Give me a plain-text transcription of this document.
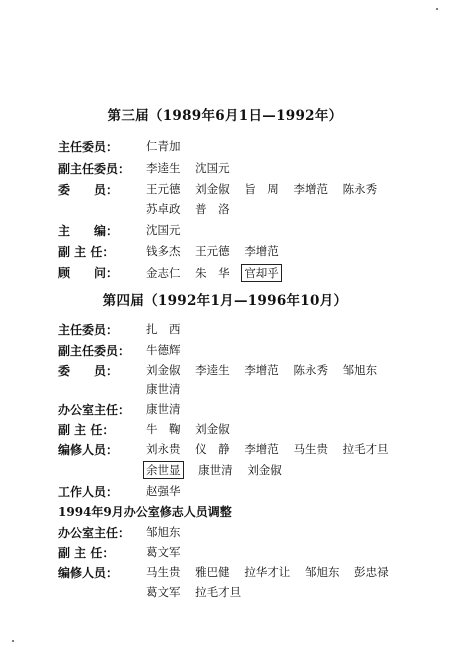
第三届（1989年6月1日—1992年）
主任委员：	仁青加
副主任委员：	李逵生 沈国元
委　　员：	王元德 刘金俶 旨　周 李增范 陈永秀
苏卓政 普　洛
主　　编：	沈国元
副 主 任：	钱多杰 王元德 李增范
顾　　问：	金志仁 朱　华 官却乎
第四届（1992年1月—1996年10月）
主任委员：	扎　西
副主任委员：	牛德辉
委　　员：	刘金俶 李逵生 李增范 陈永秀 邹旭东
康世清
办公室主任：	康世清
副 主 任：	牛　鞠 刘金俶
编修人员：	刘永贵 仪　静 李增范 马生贵 拉毛才旦
余世显 康世清 刘金俶
工作人员：	赵强华
1994年9月办公室修志人员调整
办公室主任：	邹旭东
副 主 任：	葛文军
编修人员：	马生贵 雅巴健 拉华才让 邹旭东 彭忠禄
葛文军 拉毛才旦
